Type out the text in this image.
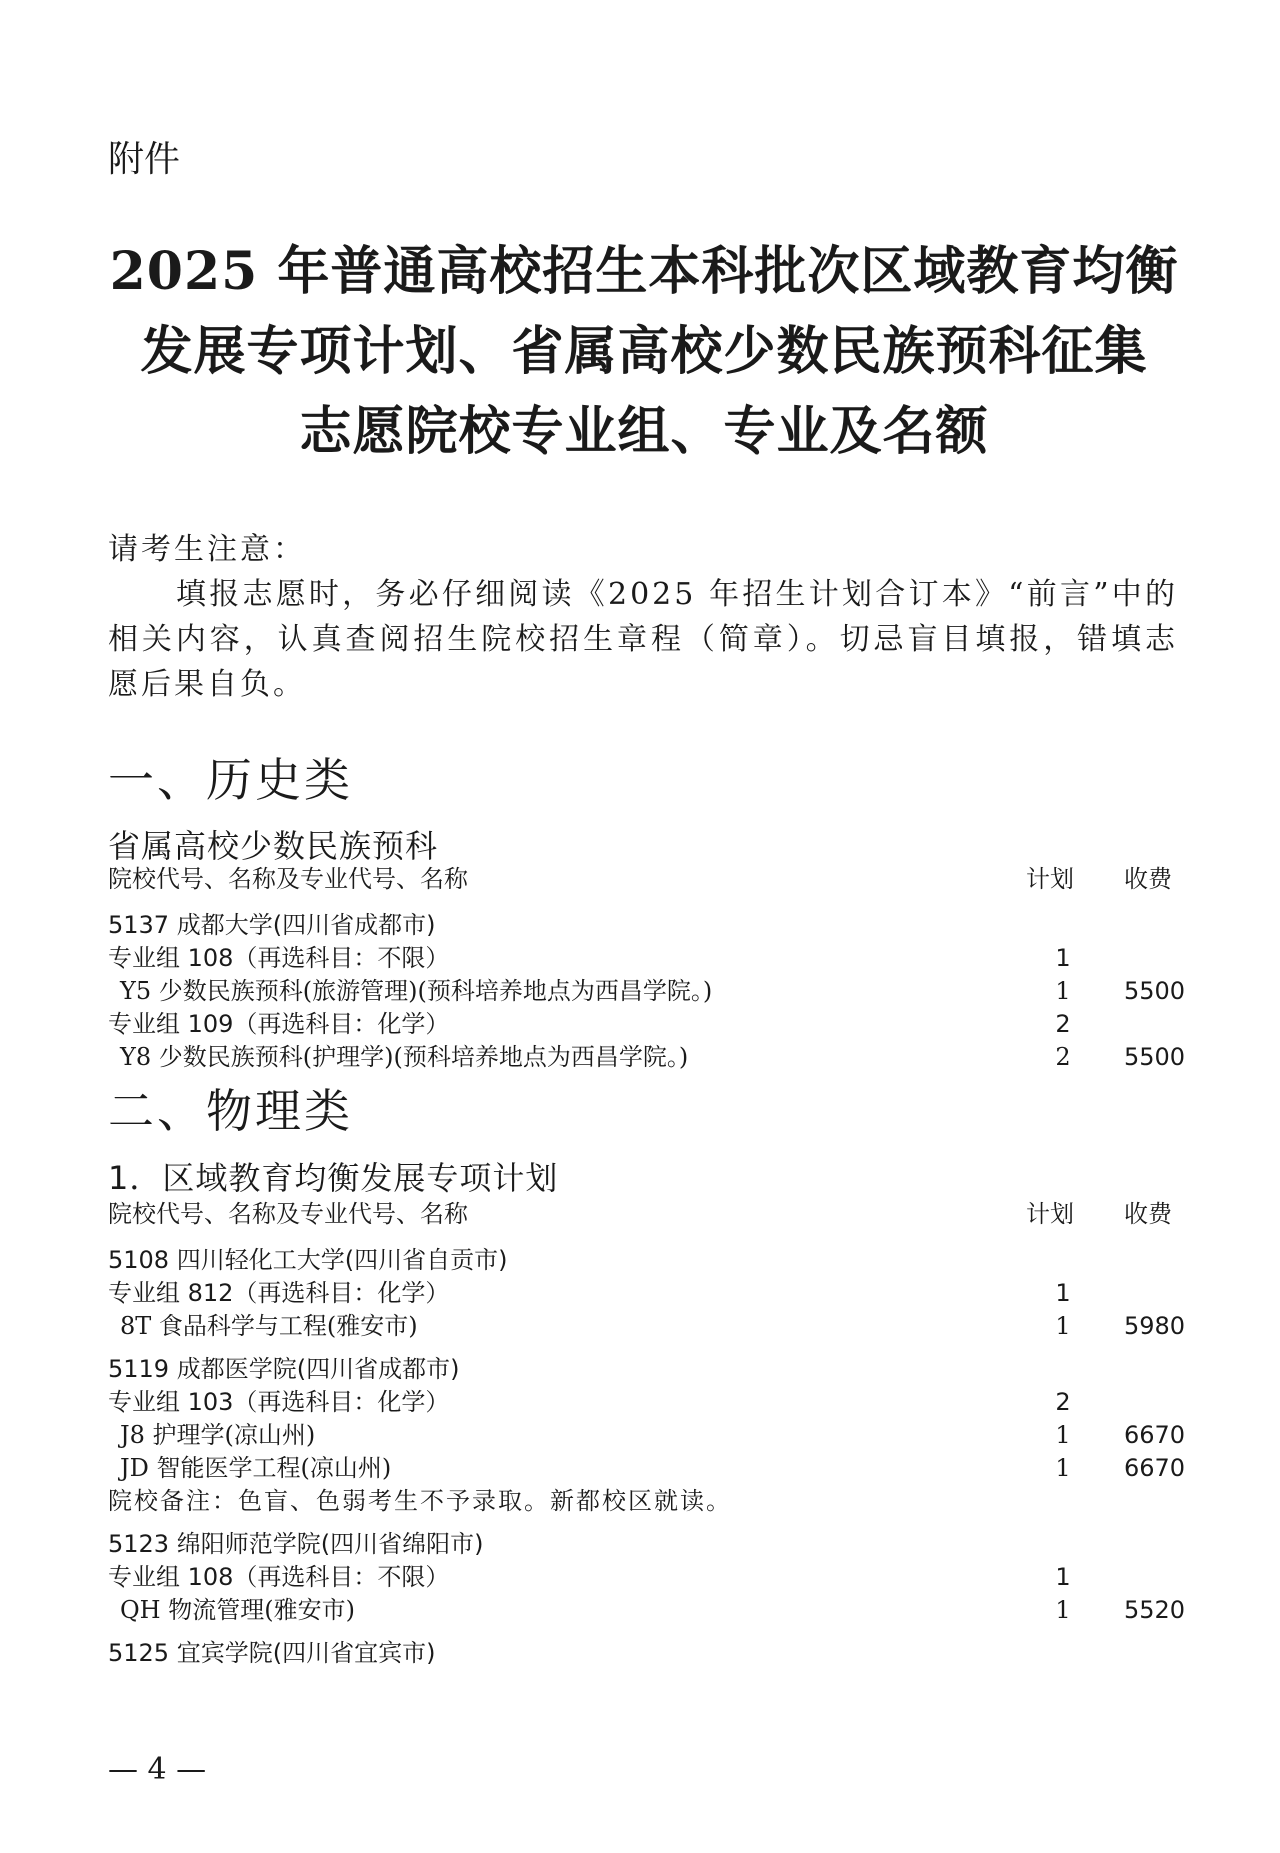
附件
2025 年普通高校招生本科批次区域教育均衡
发展专项计划、省属高校少数民族预科征集
志愿院校专业组、专业及名额
请考生注意：
填报志愿时，务必仔细阅读《2025 年招生计划合订本》“前言”中的相关内容，认真查阅招生院校招生章程（简章）。切忌盲目填报，错填志愿后果自负。
一、历史类
省属高校少数民族预科
院校代号、名称及专业代号、名称	计划 收费
5137 成都大学(四川省成都市)
专业组 108（再选科目：不限）	1
Y5 少数民族预科(旅游管理)(预科培养地点为西昌学院。)	1	5500
专业组 109（再选科目：化学）	2
Y8 少数民族预科(护理学)(预科培养地点为西昌学院。)	2	5500
二、物理类
1．区域教育均衡发展专项计划
院校代号、名称及专业代号、名称	计划 收费
5108 四川轻化工大学(四川省自贡市)
专业组 812（再选科目：化学）	1
8T 食品科学与工程(雅安市)	1	5980
5119 成都医学院(四川省成都市)
专业组 103（再选科目：化学）	2
J8 护理学(凉山州)	1	6670
JD 智能医学工程(凉山州)	1	6670
院校备注：色盲、色弱考生不予录取。新都校区就读。
5123 绵阳师范学院(四川省绵阳市)
专业组 108（再选科目：不限）	1
QH 物流管理(雅安市)	1	5520
5125 宜宾学院(四川省宜宾市)
— 4 —
